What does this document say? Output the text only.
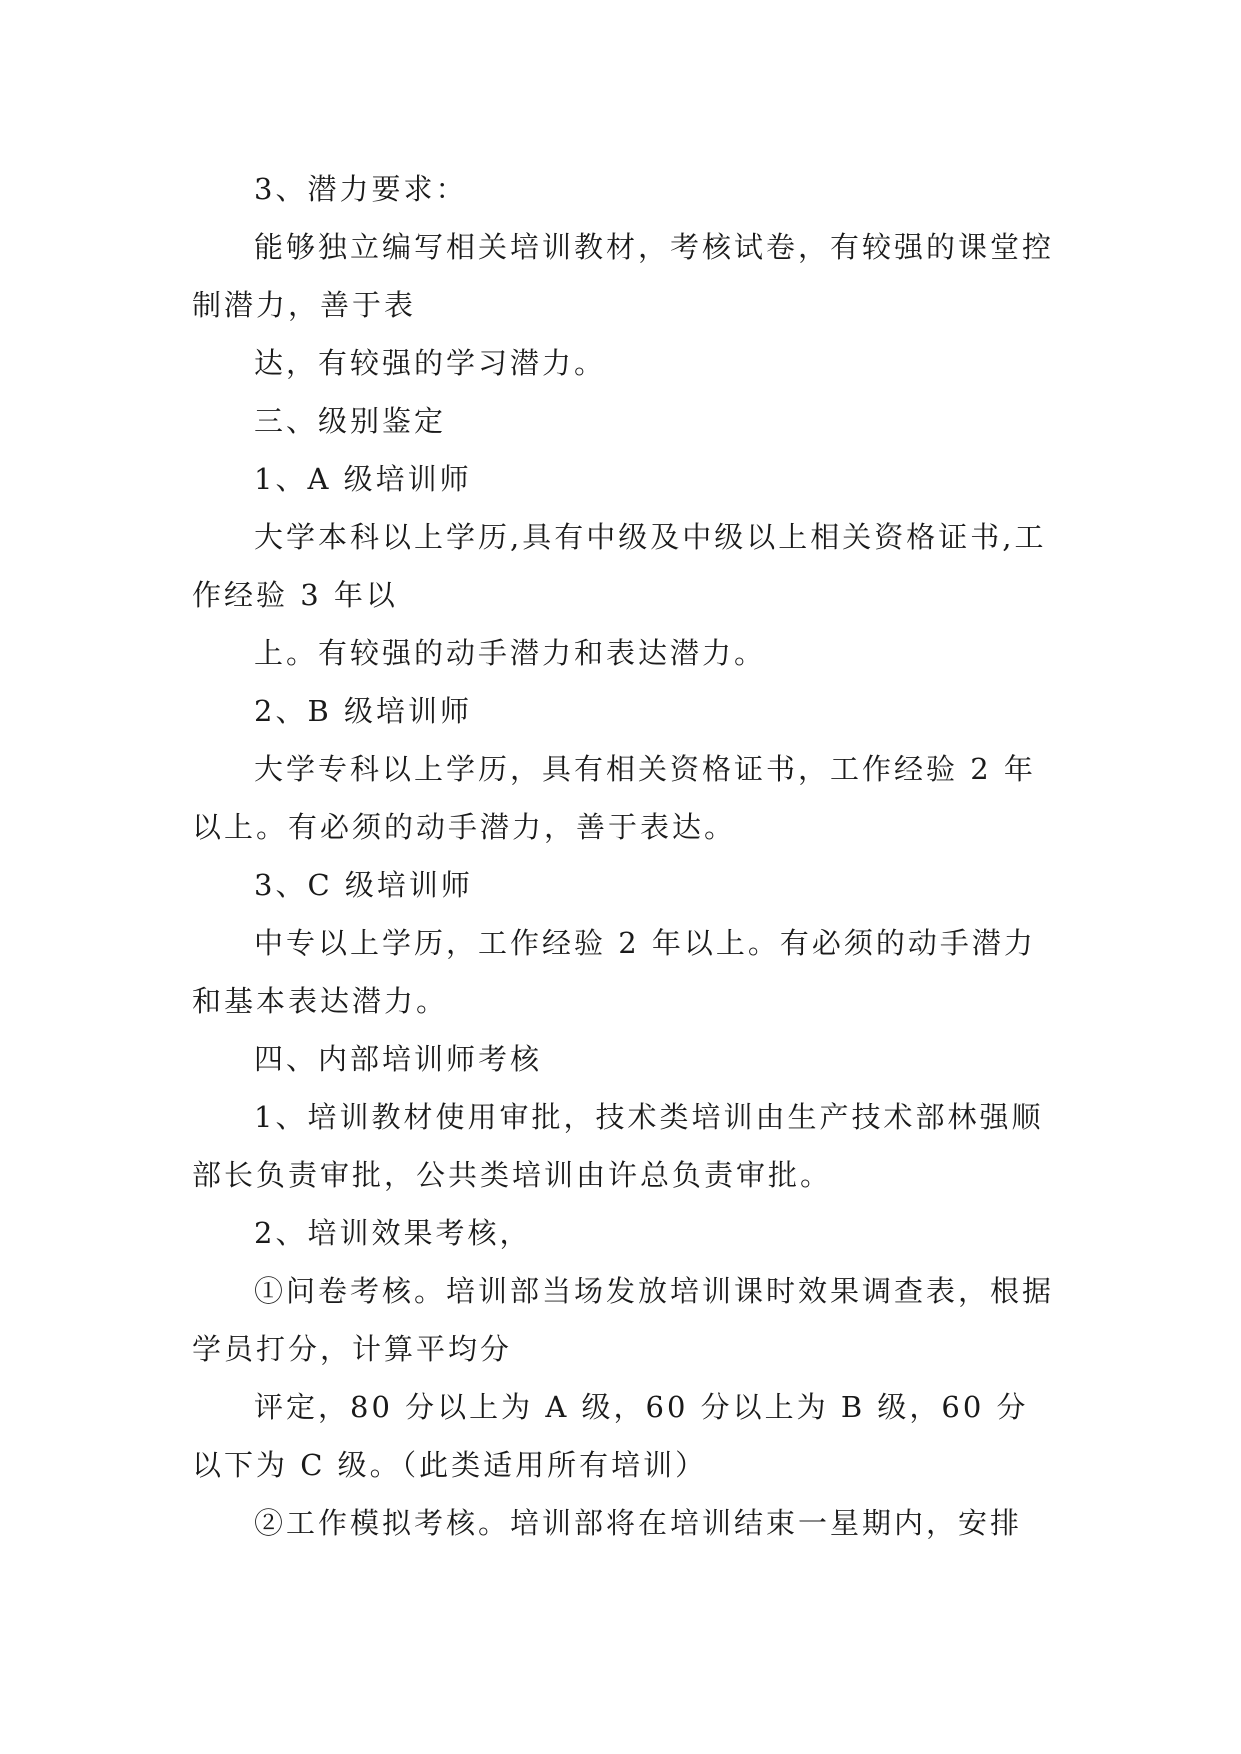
3、潜力要求：

能够独立编写相关培训教材，考核试卷，有较强的课堂控制潜力，善于表

达，有较强的学习潜力。

三、级别鉴定

1、A 级培训师

大学本科以上学历,具有中级及中级以上相关资格证书,工作经验 3 年以

上。有较强的动手潜力和表达潜力。

2、B 级培训师

大学专科以上学历，具有相关资格证书，工作经验 2 年以上。有必须的动手潜力，善于表达。

3、C 级培训师

中专以上学历，工作经验 2 年以上。有必须的动手潜力和基本表达潜力。

四、内部培训师考核

1、培训教材使用审批，技术类培训由生产技术部林强顺部长负责审批，公共类培训由许总负责审批。

2、培训效果考核，

①问卷考核。培训部当场发放培训课时效果调查表，根据学员打分，计算平均分

评定，80 分以上为 A 级，60 分以上为 B 级，60 分以下为 C 级。（此类适用所有培训）

②工作模拟考核。培训部将在培训结束一星期内，安排
